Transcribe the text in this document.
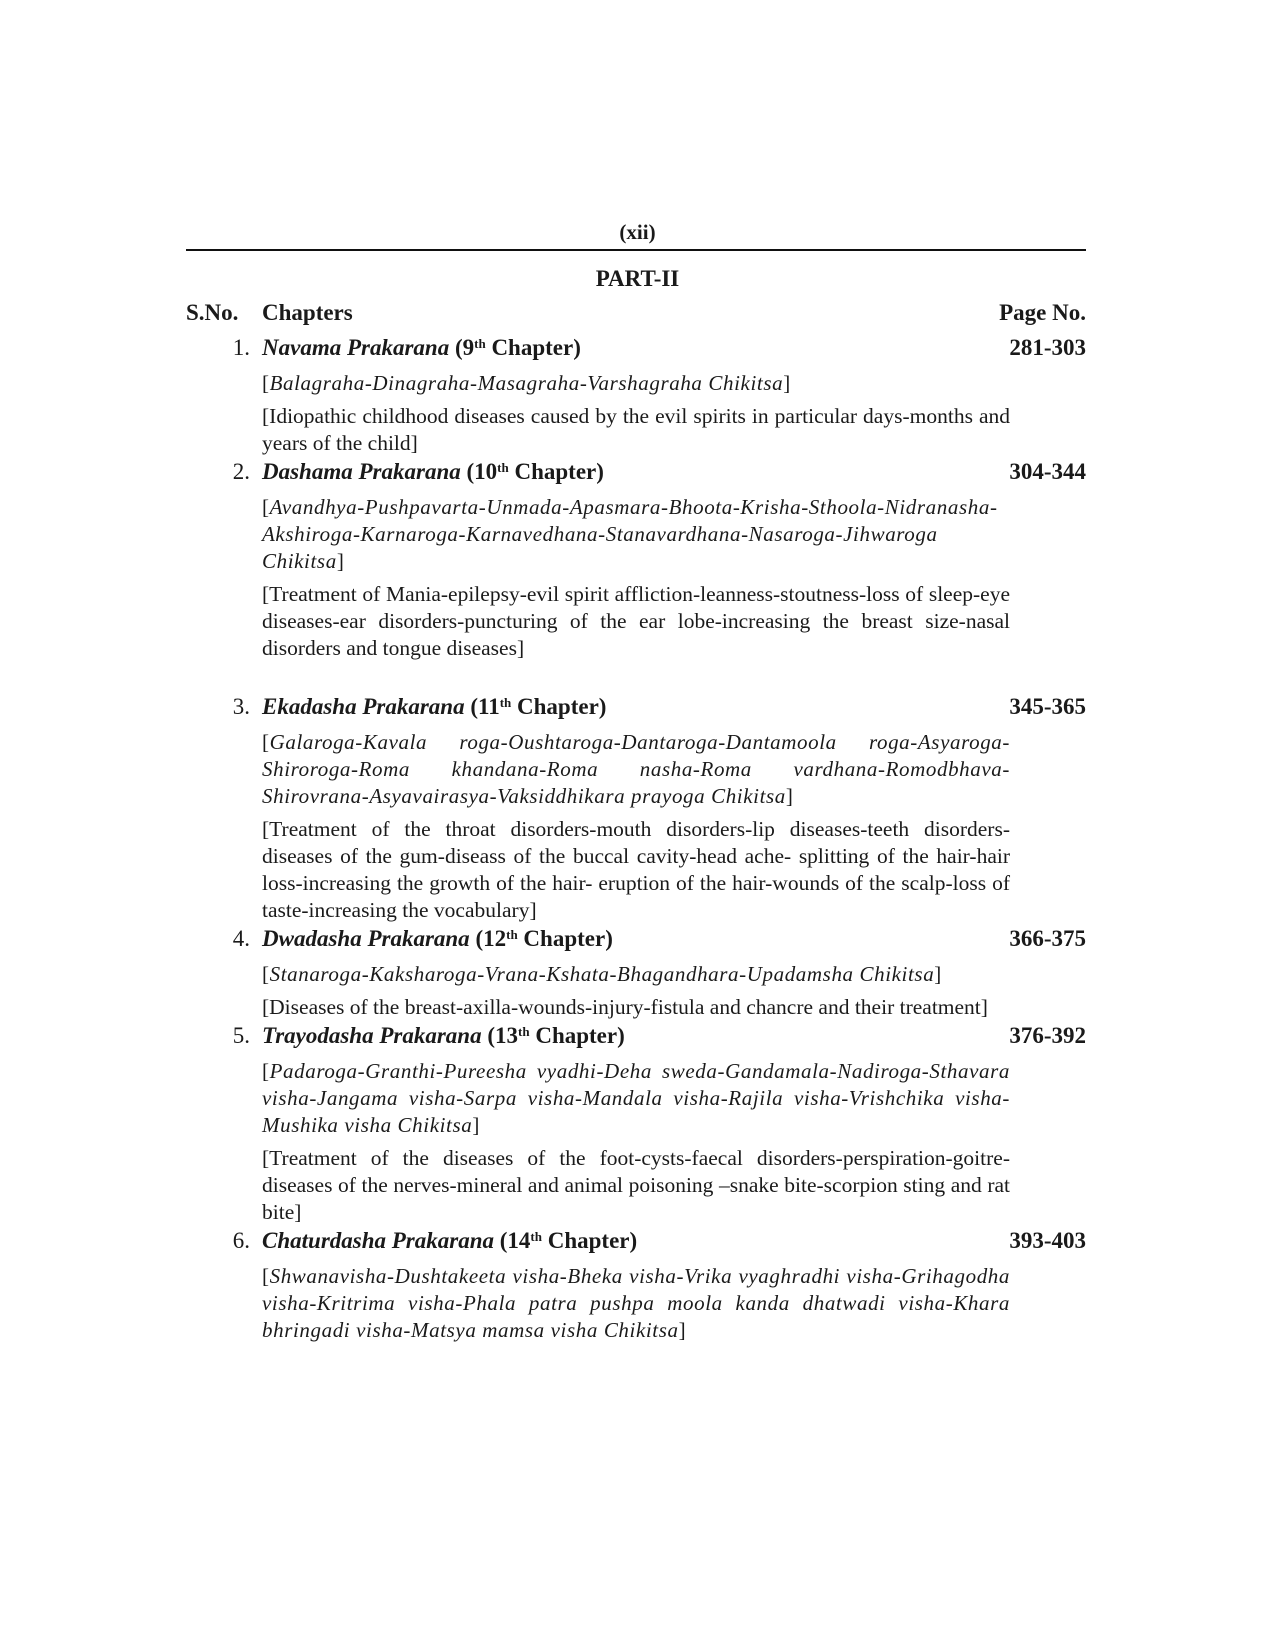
(xii)
PART-II
S.No. Chapters	Page No.
1. Navama Prakarana (9th Chapter)	281-303
[Balagraha-Dinagraha-Masagraha-Varshagraha Chikitsa]
[Idiopathic childhood diseases caused by the evil spirits in particular days-months and years of the child]
2. Dashama Prakarana (10th Chapter)	304-344
[Avandhya-Pushpavarta-Unmada-Apasmara-Bhoota-Krisha-Sthoola-Nidranasha-Akshiroga-Karnaroga-Karnavedhana-Stanavardhana-Nasaroga-Jihwaroga Chikitsa]
[Treatment of Mania-epilepsy-evil spirit affliction-leanness-stoutness-loss of sleep-eye diseases-ear disorders-puncturing of the ear lobe-increasing the breast size-nasal disorders and tongue diseases]
3. Ekadasha Prakarana (11th Chapter)	345-365
[Galaroga-Kavala roga-Oushtaroga-Dantaroga-Dantamoola roga-Asyaroga-Shiroroga-Roma khandana-Roma nasha-Roma vardhana-Romodbhava-Shirovrana-Asyavairasya-Vaksiddhikara prayoga Chikitsa]
[Treatment of the throat disorders-mouth disorders-lip diseases-teeth disorders-diseases of the gum-diseass of the buccal cavity-head ache- splitting of the hair-hair loss-increasing the growth of the hair- eruption of the hair-wounds of the scalp-loss of taste-increasing the vocabulary]
4. Dwadasha Prakarana (12th Chapter)	366-375
[Stanaroga-Kaksharoga-Vrana-Kshata-Bhagandhara-Upadamsha Chikitsa]
[Diseases of the breast-axilla-wounds-injury-fistula and chancre and their treatment]
5. Trayodasha Prakarana (13th Chapter)	376-392
[Padaroga-Granthi-Pureesha vyadhi-Deha sweda-Gandamala-Nadiroga-Sthavara visha-Jangama visha-Sarpa visha-Mandala visha-Rajila visha-Vrishchika visha-Mushika visha Chikitsa]
[Treatment of the diseases of the foot-cysts-faecal disorders-perspiration-goitre-diseases of the nerves-mineral and animal poisoning –snake bite-scorpion sting and rat bite]
6. Chaturdasha Prakarana (14th Chapter)	393-403
[Shwanavisha-Dushtakeeta visha-Bheka visha-Vrika vyaghradhi visha-Grihagodha visha-Kritrima visha-Phala patra pushpa moola kanda dhatwadi visha-Khara bhringadi visha-Matsya mamsa visha Chikitsa]
